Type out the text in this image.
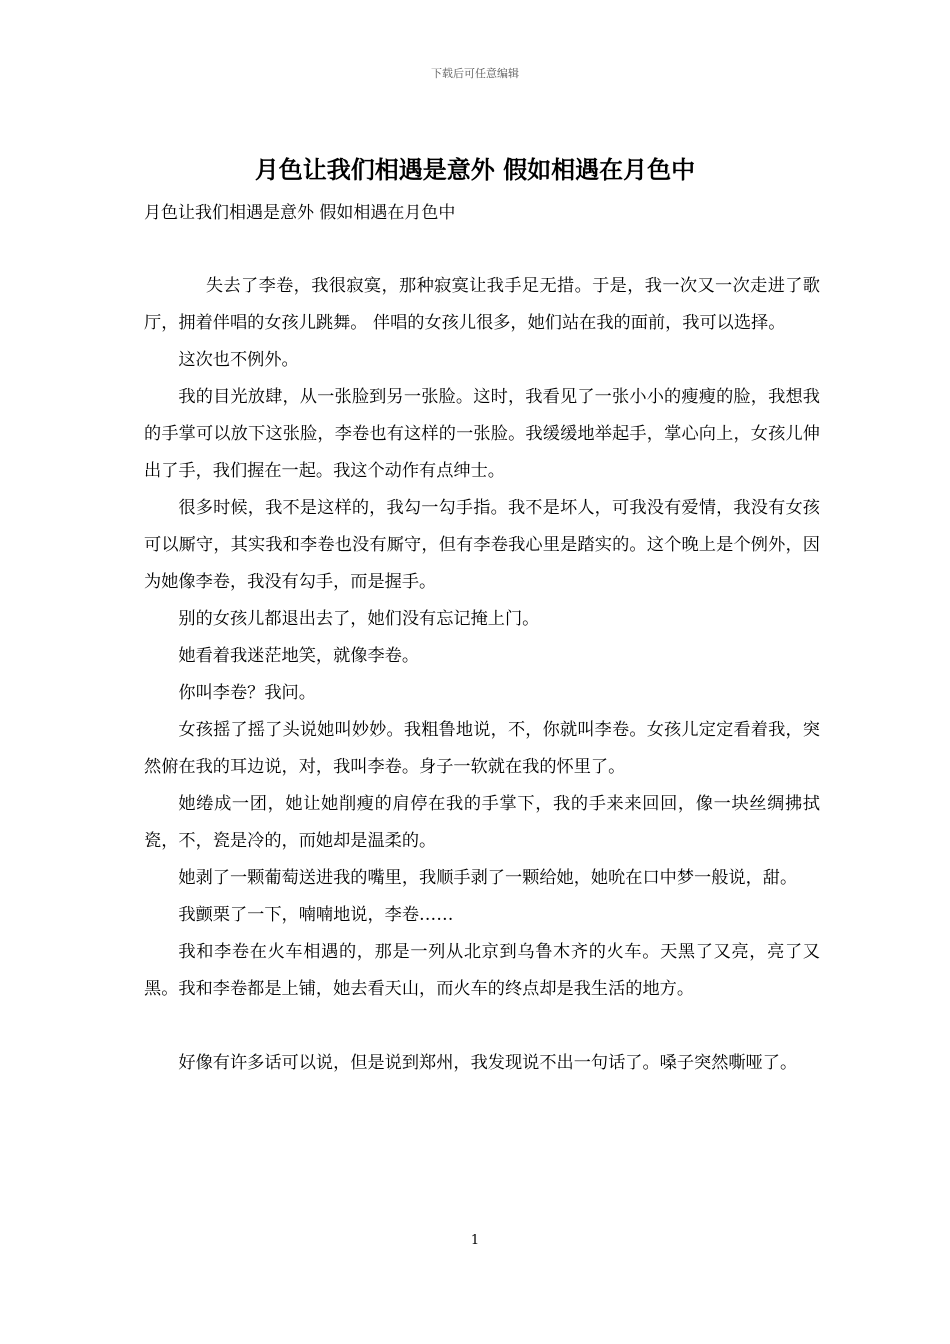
下载后可任意编辑
月色让我们相遇是意外 假如相遇在月色中

月色让我们相遇是意外 假如相遇在月色中

失去了李卷，我很寂寞，那种寂寞让我手足无措。于是，我一次又一次走进了歌厅，拥着伴唱的女孩儿跳舞。 伴唱的女孩儿很多，她们站在我的面前，我可以选择。

这次也不例外。

我的目光放肆，从一张脸到另一张脸。这时，我看见了一张小小的瘦瘦的脸，我想我的手掌可以放下这张脸，李卷也有这样的一张脸。我缓缓地举起手，掌心向上，女孩儿伸出了手，我们握在一起。我这个动作有点绅士。

很多时候，我不是这样的，我勾一勾手指。我不是坏人，可我没有爱情，我没有女孩可以厮守，其实我和李卷也没有厮守，但有李卷我心里是踏实的。这个晚上是个例外，因为她像李卷，我没有勾手，而是握手。

别的女孩儿都退出去了，她们没有忘记掩上门。

她看着我迷茫地笑，就像李卷。

你叫李卷？我问。

女孩摇了摇了头说她叫妙妙。我粗鲁地说，不，你就叫李卷。女孩儿定定看着我，突然俯在我的耳边说，对，我叫李卷。身子一软就在我的怀里了。

她绻成一团，她让她削瘦的肩停在我的手掌下，我的手来来回回，像一块丝绸拂拭瓷，不，瓷是冷的，而她却是温柔的。

她剥了一颗葡萄送进我的嘴里，我顺手剥了一颗给她，她吮在口中梦一般说，甜。

我颤栗了一下，喃喃地说，李卷……

我和李卷在火车相遇的，那是一列从北京到乌鲁木齐的火车。天黑了又亮，亮了又黑。我和李卷都是上铺，她去看天山，而火车的终点却是我生活的地方。

好像有许多话可以说，但是说到郑州，我发现说不出一句话了。嗓子突然嘶哑了。

1
